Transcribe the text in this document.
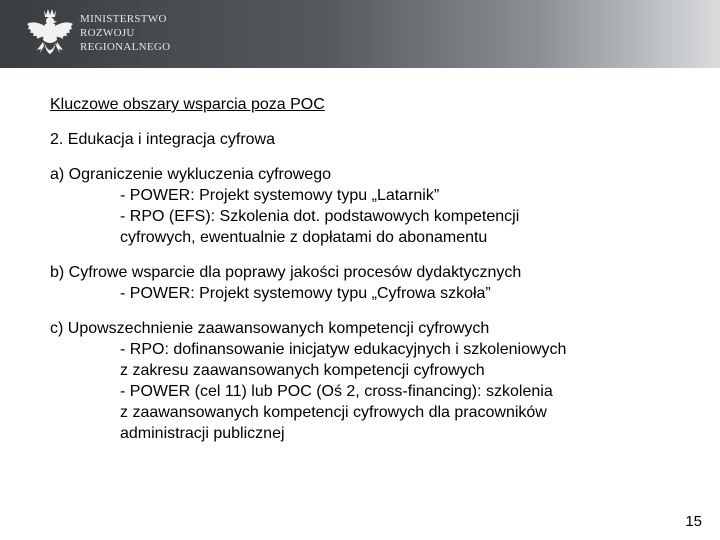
MINISTERSTWO
ROZWOJU
REGIONALNEGO
Kluczowe obszary wsparcia poza POC
2. Edukacja i integracja cyfrowa
a) Ograniczenie wykluczenia cyfrowego
- POWER: Projekt systemowy typu „Latarnik”
- RPO (EFS): Szkolenia dot. podstawowych kompetencji
cyfrowych, ewentualnie z dopłatami do abonamentu
b) Cyfrowe wsparcie dla poprawy jakości procesów dydaktycznych
- POWER: Projekt systemowy typu „Cyfrowa szkoła”
c) Upowszechnienie zaawansowanych kompetencji cyfrowych
- RPO: dofinansowanie inicjatyw edukacyjnych i szkoleniowych
z zakresu zaawansowanych kompetencji cyfrowych
- POWER (cel 11) lub POC (Oś 2, cross-financing): szkolenia
z zaawansowanych kompetencji cyfrowych dla pracowników
administracji publicznej
15
